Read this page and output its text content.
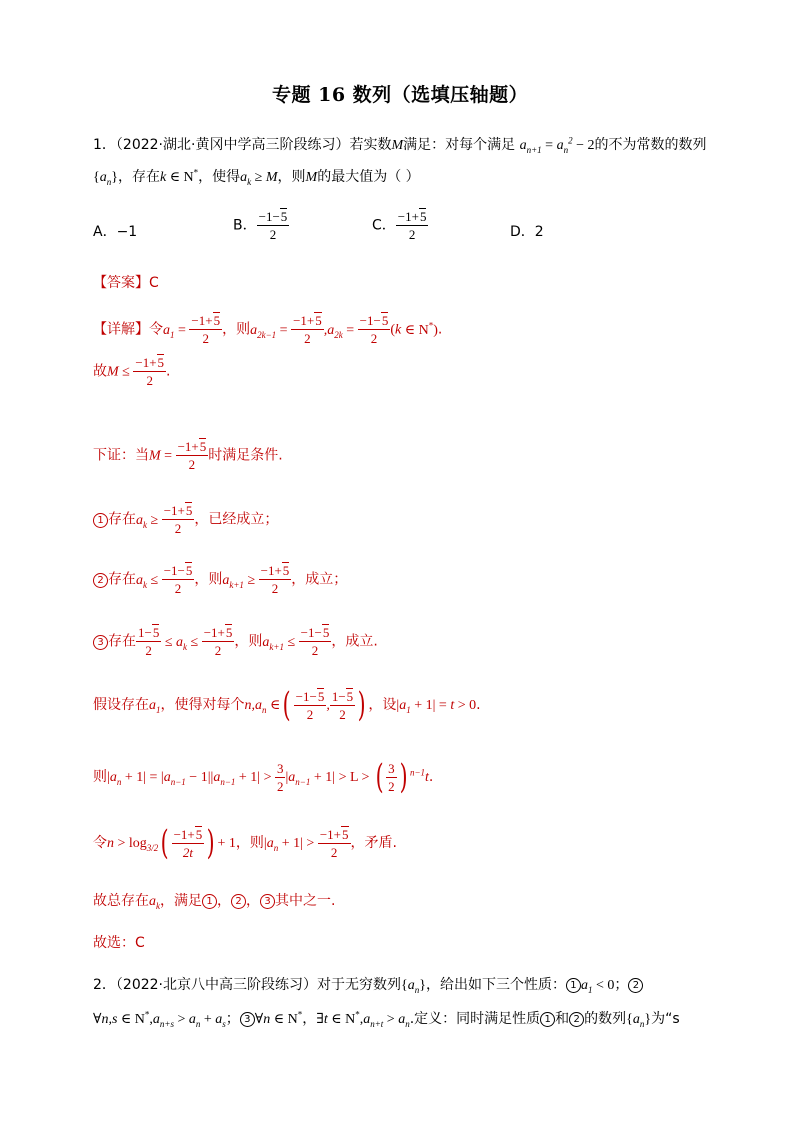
专题 16 数列（选填压轴题）
1．（2022·湖北·黄冈中学高三阶段练习）若实数M满足：对每个满足 $a_{n+1} = a_n^2 - 2$的不为常数的数列
$\{a_n\}$，存在k ∈ N*，使得$a_k \ge M$，则M的最大值为（ ）
A．−1	B． $\frac{-1-5}{2}$	C． $\frac{-1+5}{2}$	D．2
【答案】C
【详解】令$a_1 = \frac{-1+5}{2}$ ，则$a_{2k-1} = \frac{-1+5}{2} ,a_{2k} = \frac{-1-5}{2} (k$ ∈ N*).
故$M \le \frac{-1+5}{2}$ .
下证：当$M = \frac{-1+5}{2}$ 时满足条件.
1 存在$a_k \ge \frac{-1+5}{2}$ ，已经成立；
2 存在$a_k \le \frac{-1-5}{2}$ ，则$a_{k+1} \ge \frac{-1+5}{2}$ ，成立；
3 存在 $\frac{1-5}{2} \le a_k \le \frac{-1+5}{2}$ ，则$a_{k+1} \le \frac{-1-5}{2}$ ，成立.
假设存在$a_1$，使得对每个$n,a_n$ ∈( $\frac{-1-5}{2}$ , $\frac{1-5}{2}$ ) ，设$|a_1 + 1| = t > 0$.
则$|a_n + 1| = |a_{n-1} - 1||a_{n-1} + 1| > \frac{3}{2} |a_{n-1} + 1| > L$ > ( $\frac{3}{2}$ ) $^{n-1}$t.
令$n > \log_{3/2}( \frac{-1+5}{2t}$ ) + 1，则$|a_n + 1| > \frac{-1+5}{2}$ ，矛盾.
故总存在$a_k$，满足 1 ， 2 ， 3 其中之一.
故选：C
2．（2022·北京八中高三阶段练习）对于无穷数列$\{a_n\}$，给出如下三个性质： 1 $a_1 < 0$； 2
∀n,s ∈ $N^*,a_{n+s} > a_n + a_s$； 3 ∀n ∈ N*，∃t ∈ $N^*,a_{n+t} > a_n$.定义：同时满足性质 1 和 2 的数列$\{a_n\}$为“s
